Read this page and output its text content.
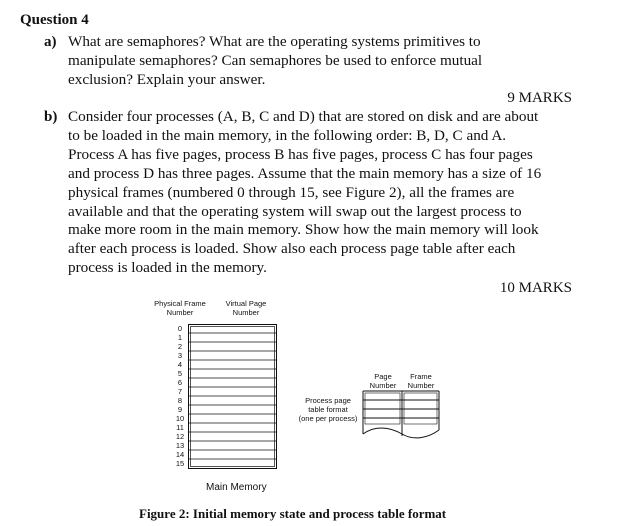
Question 4
a) What are semaphores? What are the operating systems primitives to
manipulate semaphores? Can semaphores be used to enforce mutual
exclusion? Explain your answer.
9 MARKS
b) Consider four processes (A, B, C and D) that are stored on disk and are about
to be loaded in the main memory, in the following order: B, D, C and A.
Process A has five pages, process B has five pages, process C has four pages
and process D has three pages. Assume that the main memory has a size of 16
physical frames (numbered 0 through 15, see Figure 2), all the frames are
available and that the operating system will swap out the largest process to
make more room in the main memory. Show how the main memory will look
after each process is loaded. Show also each process page table after each
process is loaded in the memory.
10 MARKS
Physical Frame
Number
Virtual Page
Number
0
1
2
3
4
5
6
7
8
9
10
11
12
13
14
15
Main Memory
Process page
table format
(one per process)
Page
Number
Frame
Number
Figure 2: Initial memory state and process table format
